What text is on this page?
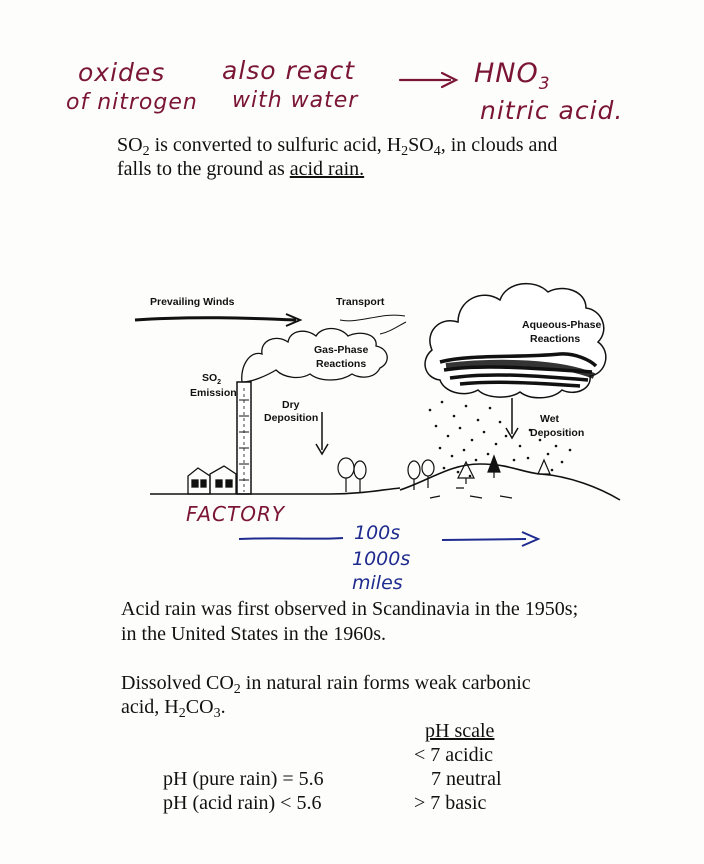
oxides
of nitrogen
also react
with water
$HNO_3$
nitric acid.
$SO_2$ is converted to sulfuric acid, $H_2SO_4$, in clouds and
falls to the ground as acid rain.
Prevailing Winds	Transport
Gas-Phase
Reactions
Aqueous-Phase
Reactions
Wet
Deposition
$SO_2$
Emission
Dry
Deposition
FACTORY
100s
1000s
miles
Acid rain was first observed in Scandinavia in the 1950s;
in the United States in the 1960s.
Dissolved $CO_2$ in natural rain forms weak carbonic
acid, $H_2CO_3$.
pH scale
< 7 acidic
7 neutral
> 7 basic
pH (pure rain) = 5.6
pH (acid rain) < 5.6
